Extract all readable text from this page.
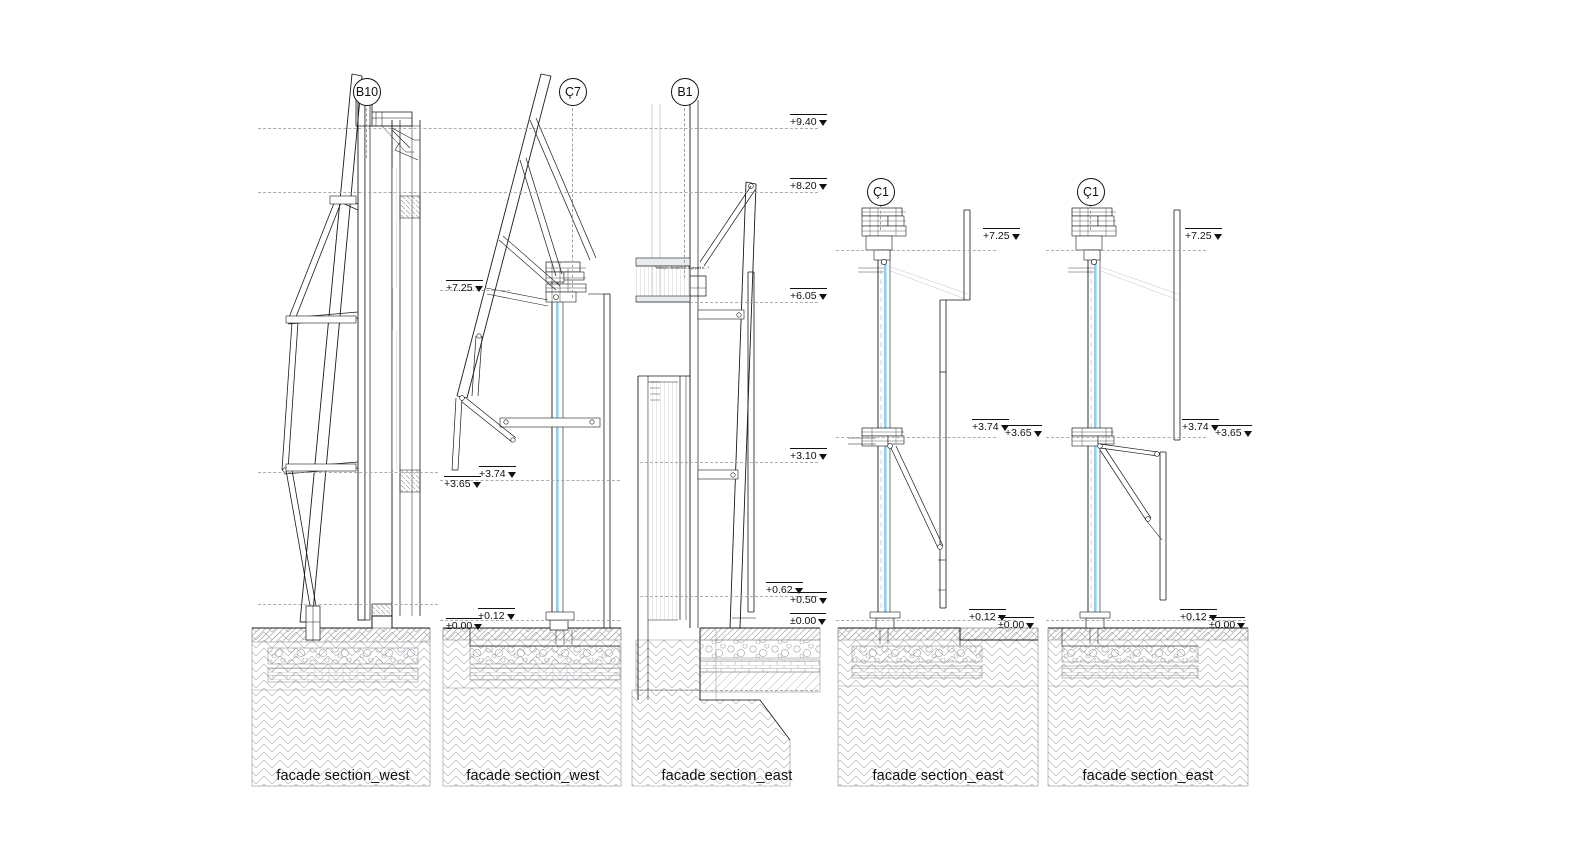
B10	Ç7	B1
Ç1	Ç1
+9.40
+8.20
+6.05
+3.10
+0.62
+0.50
±0.00
+3.74
+3.65
+7.25
+0.12
±0.00
+7.25
+3.74 +3.65
+0.12
±0.00
+7.25
+3.74 +3.65
+0.12
±0.00
Yerleşim derzleri\n2-3 geçerli b...?
facade section_west	facade section_west	facade section_east	facade section_east	facade section_east
